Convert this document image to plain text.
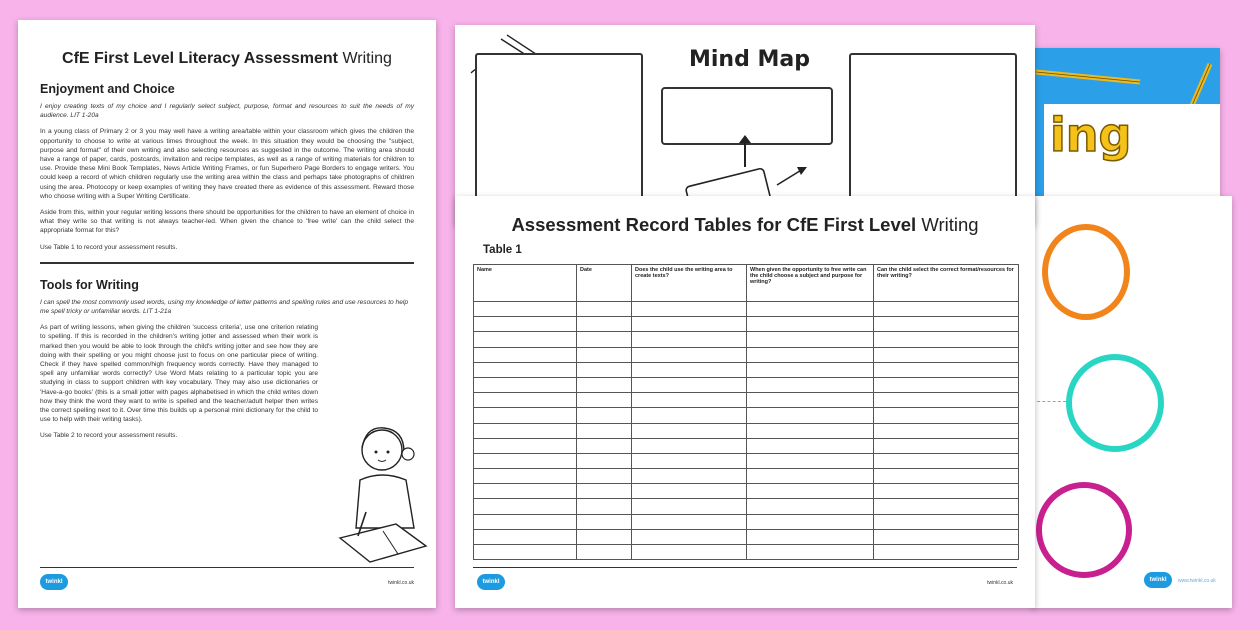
ing
twinkl	www.twinkl.co.uk
Mind Map
CfE First Level Literacy Assessment Writing
Enjoyment and Choice

I enjoy creating texts of my choice and I regularly select subject, purpose, format and resources to suit the needs of my audience. LIT 1-20a

In a young class of Primary 2 or 3 you may well have a writing area/table within your classroom which gives the children the opportunity to choose to write at various times throughout the week. In this situation they would be choosing the "subject, purpose and format" of their own writing and also selecting resources as suggested in the outcome. The writing area should have a range of paper, cards, postcards, invitation and recipe templates, as well as a range of writing materials for children to use. Provide these Mini Book Templates, News Article Writing Frames, or fun Superhero Page Borders to engage writers. You could keep a record of which children regularly use the writing area within the class and perhaps take photographs of children using the area. Photocopy or keep examples of writing they have created there as evidence of this assessment. Reward those who choose writing with a Super Writing Certificate.

Aside from this, within your regular writing lessons there should be opportunities for the children to have an element of choice in what they write so that writing is not always teacher-led. When given the chance to 'free write' can the child select the appropriate format for this?

Use Table 1 to record your assessment results.

Tools for Writing

I can spell the most commonly used words, using my knowledge of letter patterns and spelling rules and use resources to help me spell tricky or unfamiliar words. LIT 1-21a

As part of writing lessons, when giving the children 'success criteria', use one criterion relating to spelling. If this is recorded in the children's writing jotter and assessed when their work is marked then you would be able to look through the child's writing jotter and see how they are doing with their spelling or you might choose just to focus on one particular piece of writing. Check if they have spelled common/high frequency words correctly. Have they managed to spell any unfamiliar words correctly? Use Word Mats relating to a particular topic you are studying in class to support children with key vocabulary. They may also use dictionaries or 'Have-a-go books' (this is a small jotter with pages alphabetised in which the child writes down how they think the word they want to write is spelled and the teacher/adult helper then writes the correct spelling next to it. Over time this builds up a personal mini dictionary for the child to use to help with their writing tasks).

Use Table 2 to record your assessment results.

twinkl	twinkl.co.uk
Assessment Record Tables for CfE First Level Writing
Table 1
Name	Date	Does the child use the writing area to create texts?	When given the opportunity to free write can the child choose a subject and purpose for writing?	Can the child select the correct format/resources for their writing?

twinkl	twinkl.co.uk
